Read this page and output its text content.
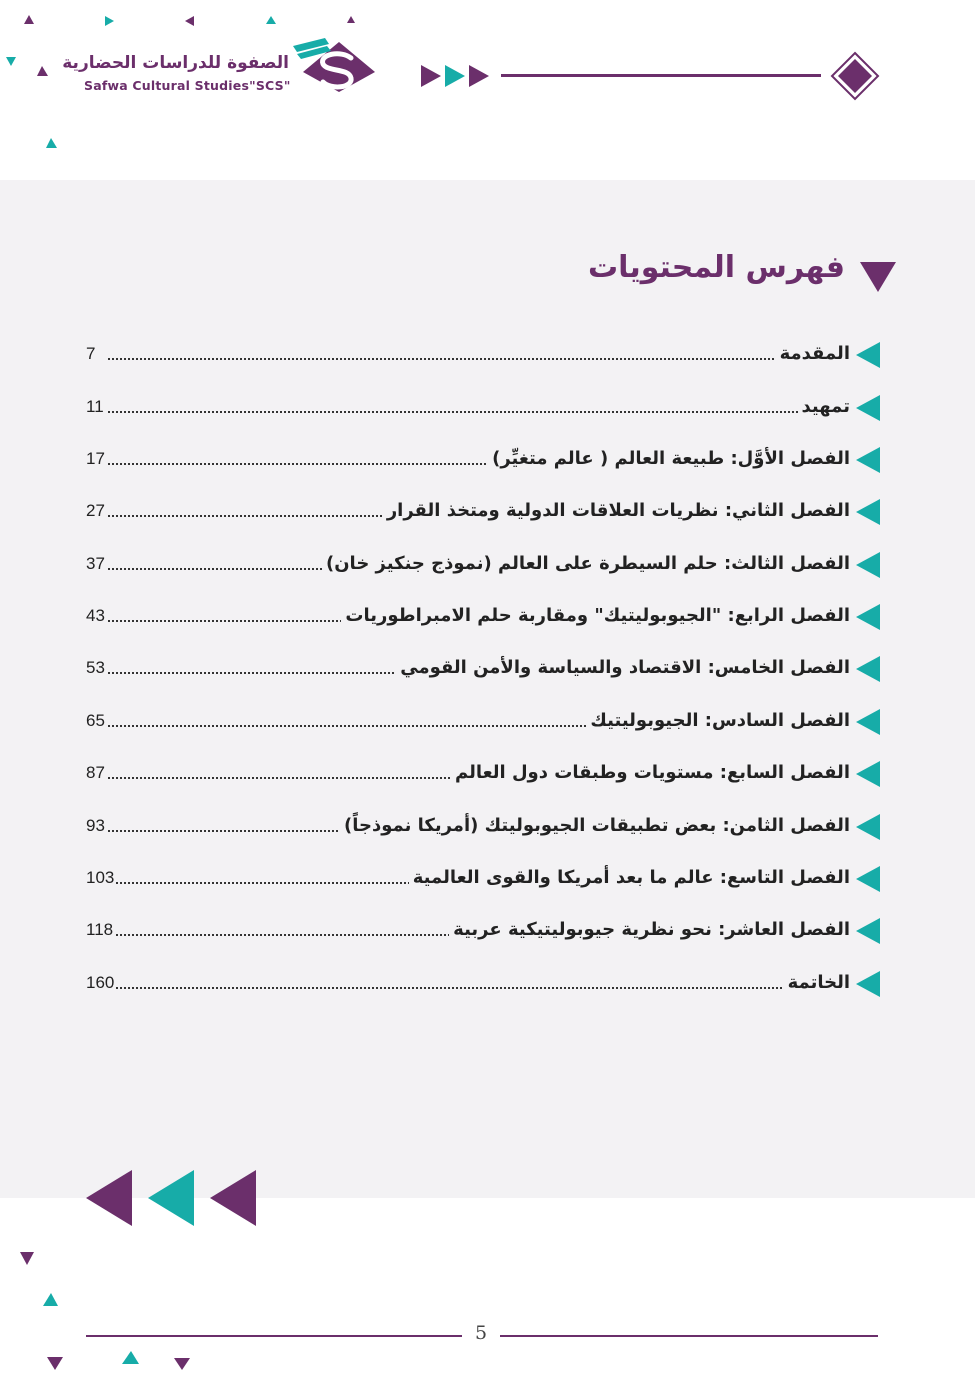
الصفوة للدراسات الحضارية
Safwa Cultural Studies"SCS"
فهرس المحتويات
المقدمة
7
تمهيد
11
الفصل الأوَّل: طبيعة العالم ( عالم متغيِّر)
17
الفصل الثاني: نظريات العلاقات الدولية ومتخذ القرار
27
الفصل الثالث: حلم السيطرة على العالم (نموذج جنكيز خان)
37
الفصل الرابع: "الجيوبوليتيك" ومقاربة حلم الامبراطوريات
43
الفصل الخامس: الاقتصاد والسياسة والأمن القومي
53
الفصل السادس: الجيوبوليتيك
65
الفصل السابع: مستويات وطبقات دول العالم
87
الفصل الثامن: بعض تطبيقات الجيوبوليتك (أمريكا نموذجاً)
93
الفصل التاسع: عالم ما بعد أمريكا والقوى العالمية
103
الفصل العاشر: نحو نظرية جيوبوليتيكية عربية
118
الخاتمة
160
5
